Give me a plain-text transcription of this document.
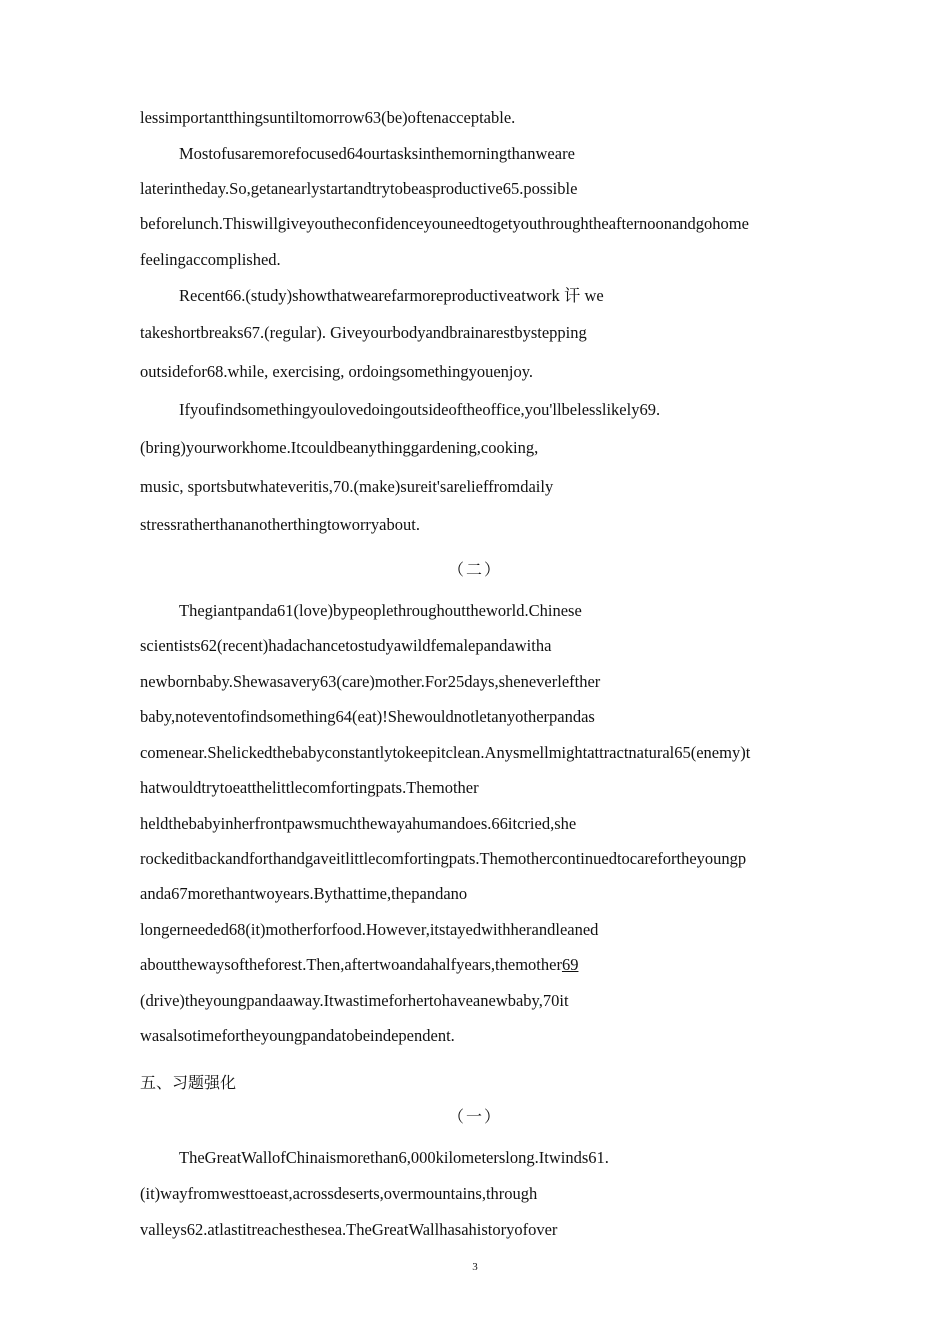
lessimportantthingsuntiltomorrow63(be)oftenacceptable.
Mostofusaremorefocused64ourtasksinthemorningthanweare
laterintheday.So,getanearlystartandtrytobeasproductive65.possible
beforelunch.Thiswillgiveyoutheconfidenceyouneedtogetyouthroughtheafternoonandgohome
feelingaccomplished.
Recent66.(study)showthatwearefarmoreproductiveatwork 讦 we
takeshortbreaks67.(regular). Giveyourbodyandbrainarestbystepping
outsidefor68.while, exercising, ordoingsomethingyouenjoy.
Ifyoufindsomethingyoulovedoingoutsideoftheoffice,you'llbelesslikely69.
(bring)yourworkhome.Itcouldbeanythinggardening,cooking,
music, sportsbutwhateveritis,70.(make)sureit'sarelieffromdaily
stressratherthananotherthingtoworryabout.
（二）
Thegiantpanda61(love)bypeoplethroughouttheworld.Chinese
scientists62(recent)hadachancetostudyawildfemalepandawitha
newbornbaby.Shewasavery63(care)mother.For25days,sheneverlefther
baby,noteventofindsomething64(eat)!Shewouldnotletanyotherpandas
comenear.Shelickedthebabyconstantlytokeepitclean.Anysmellmightattractnatural65(enemy)t
hatwouldtrytoeatthelittlecomfortingpats.Themother
heldthebabyinherfrontpawsmuchthewayahumandoes.66itcried,she
rockeditbackandforthandgaveitlittlecomfortingpats.Themothercontinuedtocarefortheyoungp
anda67morethantwoyears.Bythattime,thepandano
longerneeded68(it)motherforfood.However,itstayedwithherandleaned
aboutthewaysoftheforest.Then,aftertwoandahalfyears,themother69
(drive)theyoungpandaaway.Itwastimeforhertohaveanewbaby,70it
wasalsotimefortheyoungpandatobeindependent.
五、习题强化
（一）
TheGreatWallofChinaismorethan6,000kilometerslong.Itwinds61.
(it)wayfromwesttoeast,acrossdeserts,overmountains,through
valleys62.atlastitreachesthesea.TheGreatWallhasahistoryofover
3
